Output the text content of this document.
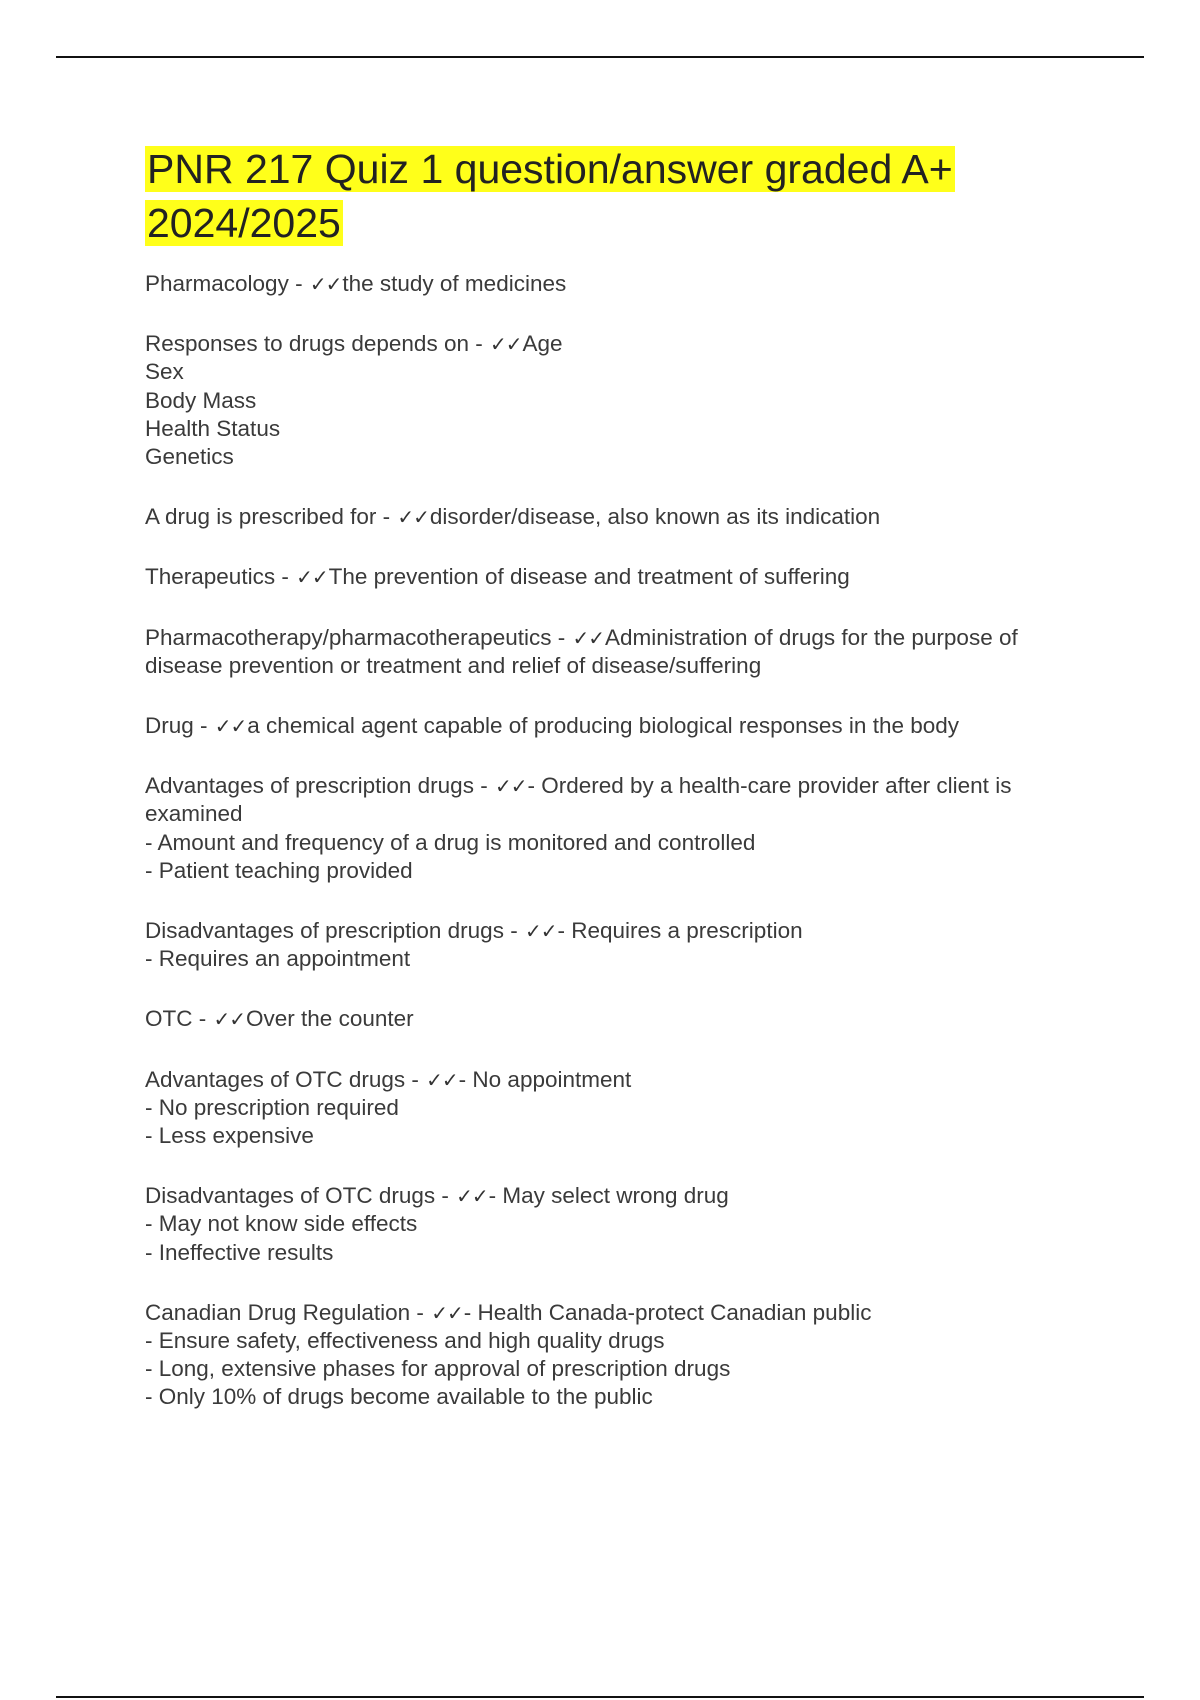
PNR 217 Quiz 1 question/answer graded A+
2024/2025
Pharmacology - ✓✓the study of medicines
Responses to drugs depends on - ✓✓Age
Sex
Body Mass
Health Status
Genetics
A drug is prescribed for - ✓✓disorder/disease, also known as its indication
Therapeutics - ✓✓The prevention of disease and treatment of suffering
Pharmacotherapy/pharmacotherapeutics - ✓✓Administration of drugs for the purpose of disease prevention or treatment and relief of disease/suffering
Drug - ✓✓a chemical agent capable of producing biological responses in the body
Advantages of prescription drugs - ✓✓- Ordered by a health-care provider after client is examined
- Amount and frequency of a drug is monitored and controlled
- Patient teaching provided
Disadvantages of prescription drugs - ✓✓- Requires a prescription
- Requires an appointment
OTC - ✓✓Over the counter
Advantages of OTC drugs - ✓✓- No appointment
- No prescription required
- Less expensive
Disadvantages of OTC drugs - ✓✓- May select wrong drug
- May not know side effects
- Ineffective results
Canadian Drug Regulation - ✓✓- Health Canada-protect Canadian public
- Ensure safety, effectiveness and high quality drugs
- Long, extensive phases for approval of prescription drugs
- Only 10% of drugs become available to the public
